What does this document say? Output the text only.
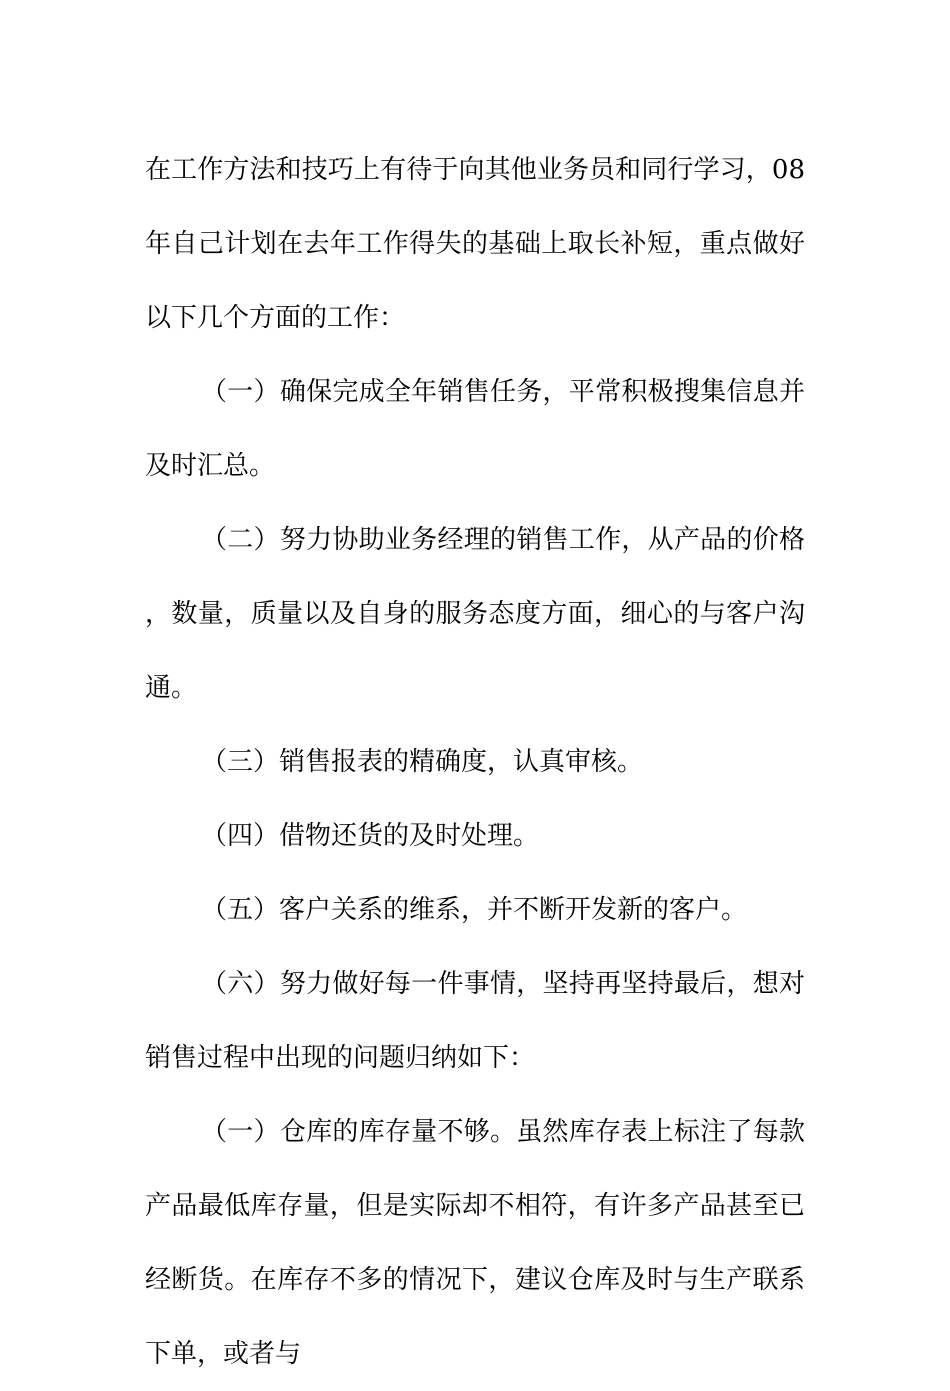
在工作方法和技巧上有待于向其他业务员和同行学习，08年自己计划在去年工作得失的基础上取长补短，重点做好以下几个方面的工作：

（一）确保完成全年销售任务，平常积极搜集信息并及时汇总。

（二）努力协助业务经理的销售工作，从产品的价格，数量，质量以及自身的服务态度方面，细心的与客户沟通。

（三）销售报表的精确度，认真审核。

（四）借物还货的及时处理。

（五）客户关系的维系，并不断开发新的客户。

（六）努力做好每一件事情，坚持再坚持最后，想对销售过程中出现的问题归纳如下：

（一）仓库的库存量不够。虽然库存表上标注了每款产品最低库存量，但是实际却不相符，有许多产品甚至已经断货。在库存不多的情况下，建议仓库及时与生产联系下单，或者与
